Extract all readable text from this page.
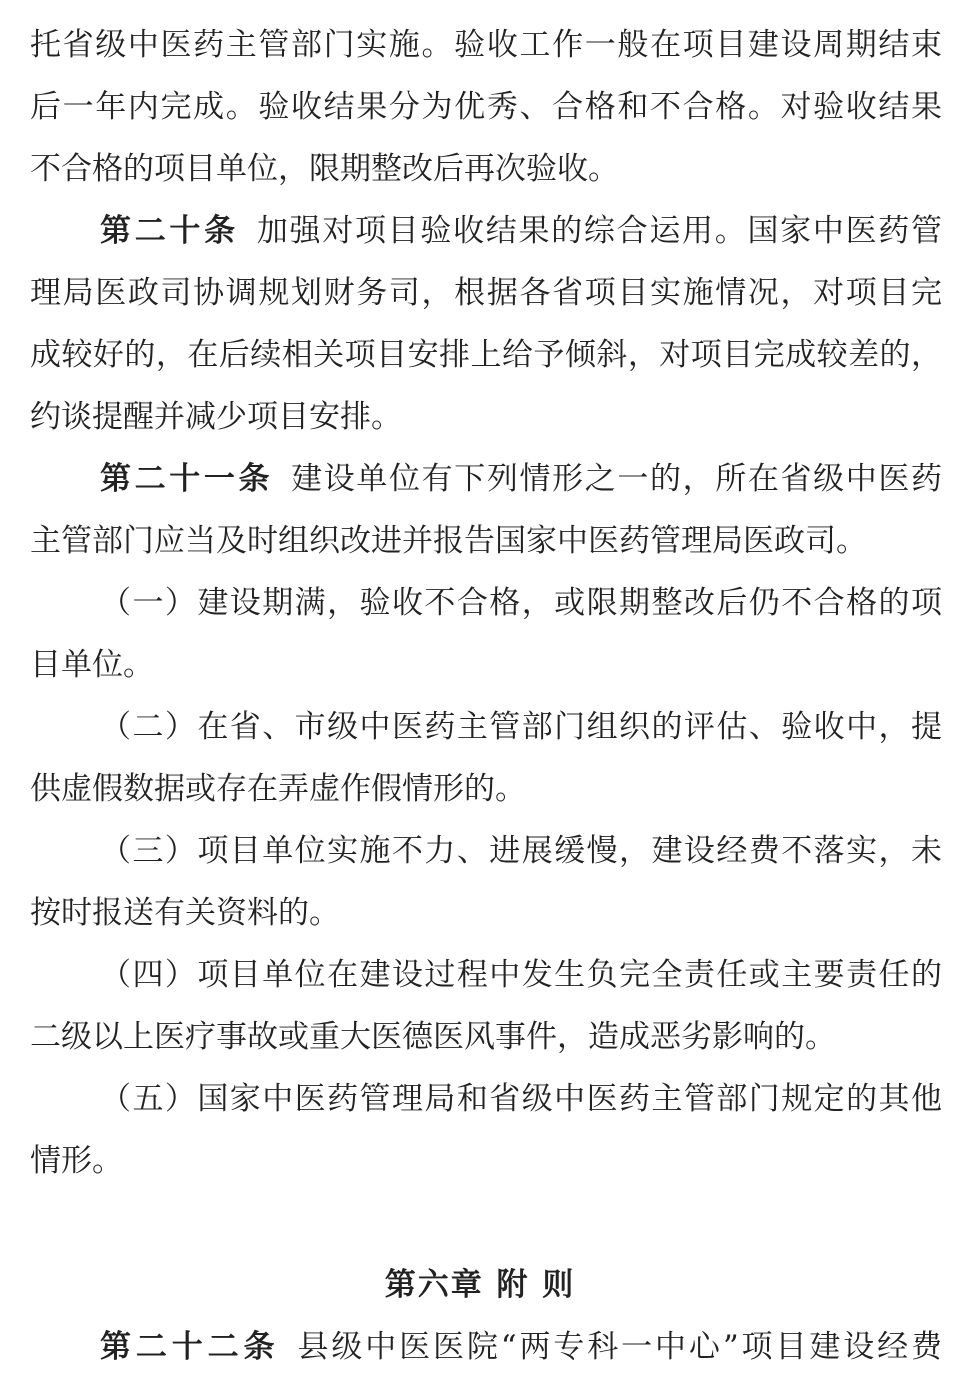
托省级中医药主管部门实施。验收工作一般在项目建设周期结束
后一年内完成。验收结果分为优秀、合格和不合格。对验收结果
不合格的项目单位，限期整改后再次验收。
第二十条 加强对项目验收结果的综合运用。国家中医药管
理局医政司协调规划财务司，根据各省项目实施情况，对项目完
成较好的，在后续相关项目安排上给予倾斜，对项目完成较差的，
约谈提醒并减少项目安排。
第二十一条 建设单位有下列情形之一的，所在省级中医药
主管部门应当及时组织改进并报告国家中医药管理局医政司。
（一）建设期满，验收不合格，或限期整改后仍不合格的项
目单位。
（二）在省、市级中医药主管部门组织的评估、验收中，提
供虚假数据或存在弄虚作假情形的。
（三）项目单位实施不力、进展缓慢，建设经费不落实，未
按时报送有关资料的。
（四）项目单位在建设过程中发生负完全责任或主要责任的
二级以上医疗事故或重大医德医风事件，造成恶劣影响的。
（五）国家中医药管理局和省级中医药主管部门规定的其他
情形。
第六章 附 则
第二十二条 县级中医医院“两专科一中心”项目建设经费
